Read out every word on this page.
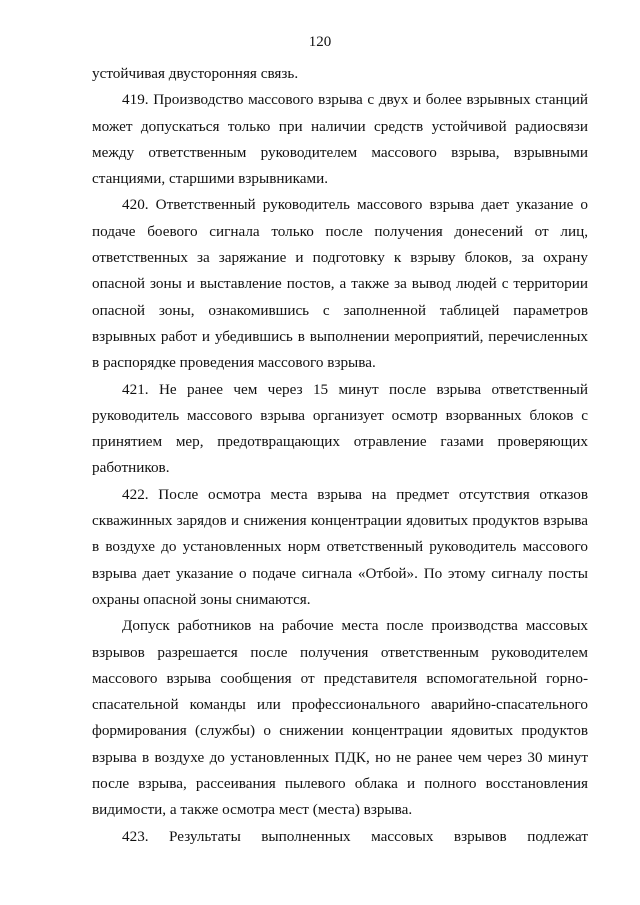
120

устойчивая двусторонняя связь.

419. Производство массового взрыва с двух и более взрывных станций может допускаться только при наличии средств устойчивой радиосвязи между ответственным руководителем массового взрыва, взрывными станциями, старшими взрывниками.

420. Ответственный руководитель массового взрыва дает указание о подаче боевого сигнала только после получения донесений от лиц, ответственных за заряжание и подготовку к взрыву блоков, за охрану опасной зоны и выставление постов, а также за вывод людей с территории опасной зоны, ознакомившись с заполненной таблицей параметров взрывных работ и убедившись в выполнении мероприятий, перечисленных в распорядке проведения массового взрыва.

421. Не ранее чем через 15 минут после взрыва ответственный руководитель массового взрыва организует осмотр взорванных блоков с принятием мер, предотвращающих отравление газами проверяющих работников.

422. После осмотра места взрыва на предмет отсутствия отказов скважинных зарядов и снижения концентрации ядовитых продуктов взрыва в воздухе до установленных норм ответственный руководитель массового взрыва дает указание о подаче сигнала «Отбой». По этому сигналу посты охраны опасной зоны снимаются.

Допуск работников на рабочие места после производства массовых взрывов разрешается после получения ответственным руководителем массового взрыва сообщения от представителя вспомогательной горно-спасательной команды или профессионального аварийно-спасательного формирования (службы) о снижении концентрации ядовитых продуктов взрыва в воздухе до установленных ПДК, но не ранее чем через 30 минут после взрыва, рассеивания пылевого облака и полного восстановления видимости, а также осмотра мест (места) взрыва.

423. Результаты выполненных массовых взрывов подлежат
